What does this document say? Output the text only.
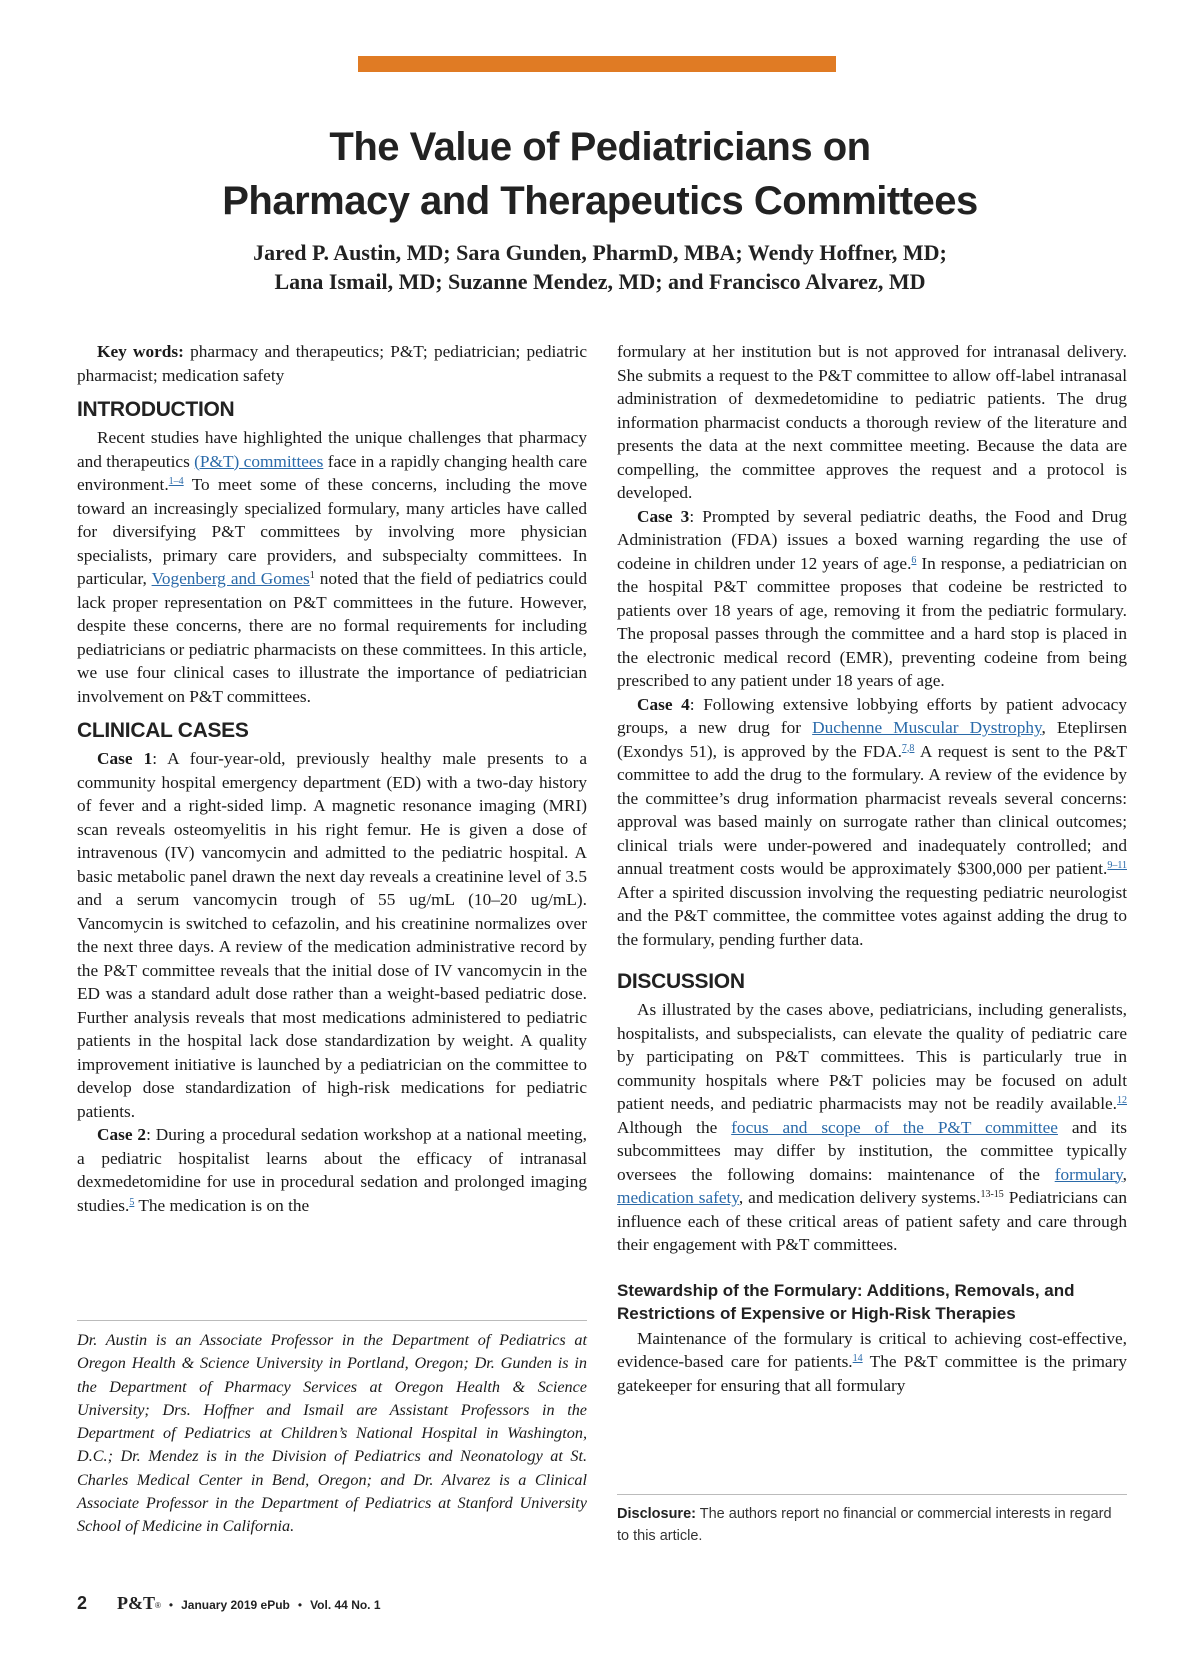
The Value of Pediatricians on
Pharmacy and Therapeutics Committees
Jared P. Austin, MD; Sara Gunden, PharmD, MBA; Wendy Hoffner, MD;
Lana Ismail, MD; Suzanne Mendez, MD; and Francisco Alvarez, MD

Key words: pharmacy and therapeutics; P&T; pediatrician; pediatric pharmacist; medication safety

INTRODUCTION

Recent studies have highlighted the unique challenges that pharmacy and therapeutics (P&T) committees face in a rapidly changing health care environment.$^{1-4}$ To meet some of these concerns, including the move toward an increasingly specialized formulary, many articles have called for diversifying P&T committees by involving more physician specialists, primary care providers, and subspecialty committees. In particular, Vogenberg and Gomes$^1$ noted that the field of pediatrics could lack proper representation on P&T committees in the future. However, despite these concerns, there are no formal requirements for including pediatricians or pediatric pharmacists on these committees. In this article, we use four clinical cases to illustrate the importance of pediatrician involvement on P&T committees.

CLINICAL CASES

Case 1: A four-year-old, previously healthy male presents to a community hospital emergency department (ED) with a two-day history of fever and a right-sided limp. A magnetic resonance imaging (MRI) scan reveals osteomyelitis in his right femur. He is given a dose of intravenous (IV) vancomycin and admitted to the pediatric hospital. A basic metabolic panel drawn the next day reveals a creatinine level of 3.5 and a serum vancomycin trough of 55 ug/mL (10–20 ug/mL). Vancomycin is switched to cefazolin, and his creatinine normalizes over the next three days. A review of the medication administrative record by the P&T committee reveals that the initial dose of IV vancomycin in the ED was a standard adult dose rather than a weight-based pediatric dose. Further analysis reveals that most medications administered to pediatric patients in the hospital lack dose standardization by weight. A quality improvement initiative is launched by a pediatrician on the committee to develop dose standardization of high-risk medications for pediatric patients.

Case 2: During a procedural sedation workshop at a national meeting, a pediatric hospitalist learns about the efficacy of intranasal dexmedetomidine for use in procedural sedation and prolonged imaging studies.$^5$ The medication is on the

formulary at her institution but is not approved for intranasal delivery. She submits a request to the P&T committee to allow off-label intranasal administration of dexmedetomidine to pediatric patients. The drug information pharmacist conducts a thorough review of the literature and presents the data at the next committee meeting. Because the data are compelling, the committee approves the request and a protocol is developed.

Case 3: Prompted by several pediatric deaths, the Food and Drug Administration (FDA) issues a boxed warning regarding the use of codeine in children under 12 years of age.$^6$ In response, a pediatrician on the hospital P&T committee proposes that codeine be restricted to patients over 18 years of age, removing it from the pediatric formulary. The proposal passes through the committee and a hard stop is placed in the electronic medical record (EMR), preventing codeine from being prescribed to any patient under 18 years of age.

Case 4: Following extensive lobbying efforts by patient advocacy groups, a new drug for Duchenne Muscular Dystrophy, Eteplirsen (Exondys 51), is approved by the FDA.$^{7,8}$ A request is sent to the P&T committee to add the drug to the formulary. A review of the evidence by the committee’s drug information pharmacist reveals several concerns: approval was based mainly on surrogate rather than clinical outcomes; clinical trials were under-powered and inadequately controlled; and annual treatment costs would be approximately $300,000 per patient.$^{9-11}$ After a spirited discussion involving the requesting pediatric neurologist and the P&T committee, the committee votes against adding the drug to the formulary, pending further data.

DISCUSSION

As illustrated by the cases above, pediatricians, including generalists, hospitalists, and subspecialists, can elevate the quality of pediatric care by participating on P&T committees. This is particularly true in community hospitals where P&T policies may be focused on adult patient needs, and pediatric pharmacists may not be readily available.$^{12}$ Although the focus and scope of the P&T committee and its subcommittees may differ by institution, the committee typically oversees the following domains: maintenance of the formulary, medication safety, and medication delivery systems.$^{13-15}$ Pediatricians can influence each of these critical areas of patient safety and care through their engagement with P&T committees.

Stewardship of the Formulary: Additions, Removals, and Restrictions of Expensive or High-Risk Therapies

Maintenance of the formulary is critical to achieving cost-effective, evidence-based care for patients.$^{14}$ The P&T committee is the primary gatekeeper for ensuring that all formulary

Dr. Austin is an Associate Professor in the Department of Pediatrics at Oregon Health & Science University in Portland, Oregon; Dr. Gunden is in the Department of Pharmacy Services at Oregon Health & Science University; Drs. Hoffner and Ismail are Assistant Professors in the Department of Pediatrics at Children’s National Hospital in Washington, D.C.; Dr. Mendez is in the Division of Pediatrics and Neonatology at St. Charles Medical Center in Bend, Oregon; and Dr. Alvarez is a Clinical Associate Professor in the Department of Pediatrics at Stanford University School of Medicine in California.
Disclosure: The authors report no financial or commercial interests in regard to this article.
2 P&T® • January 2019 ePub • Vol. 44 No. 1
